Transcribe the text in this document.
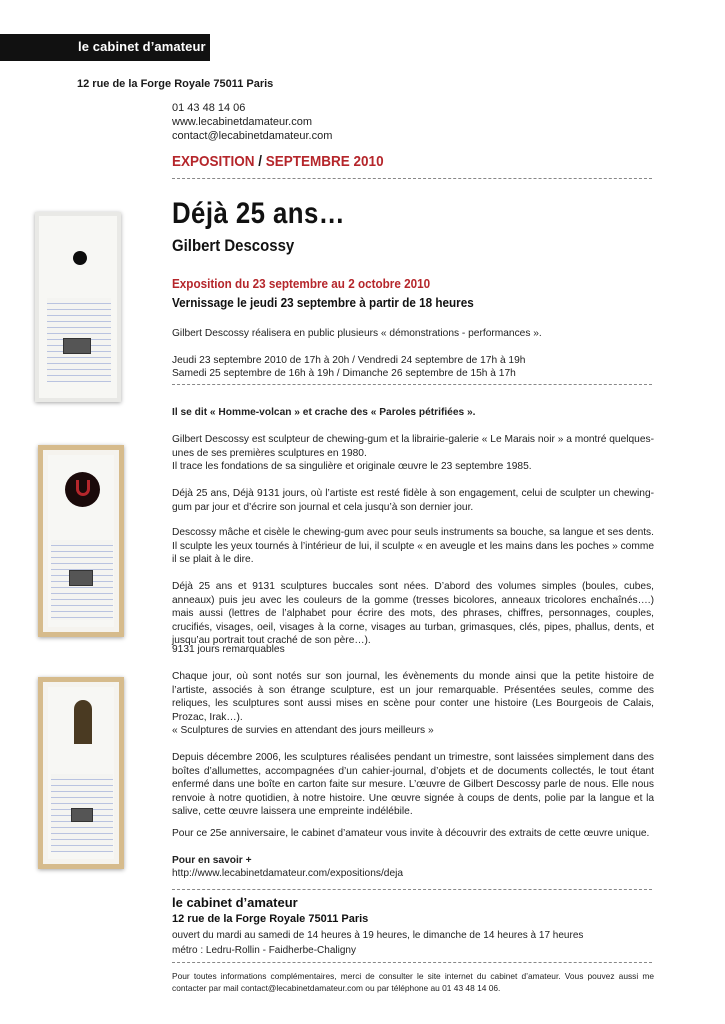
le cabinet d’amateur
12 rue de la Forge Royale 75011 Paris
01 43 48 14 06
www.lecabinetdamateur.com
contact@lecabinetdamateur.com
EXPOSITION / SEPTEMBRE 2010
Déjà 25 ans…
Gilbert Descossy
Exposition du 23 septembre au 2 octobre 2010
Vernissage le jeudi 23 septembre à partir de 18 heures
Gilbert Descossy réalisera en public plusieurs « démonstrations - performances ».
Jeudi 23 septembre 2010 de 17h à 20h / Vendredi 24 septembre de 17h à 19h
Samedi 25 septembre de 16h à 19h / Dimanche 26 septembre de 15h à 17h
Il se dit « Homme-volcan » et crache des « Paroles pétrifiées ».
Gilbert Descossy est sculpteur de chewing-gum et la librairie-galerie « Le Marais noir » a montré quelques-unes de ses premières sculptures en 1980.
Il trace les fondations de sa singulière et originale œuvre le 23 septembre 1985.
Déjà 25 ans, Déjà 9131 jours, où l’artiste est resté fidèle à son engagement, celui de sculpter un chewing-gum par jour et d’écrire son journal et cela jusqu’à son dernier jour.
Descossy mâche et cisèle le chewing-gum avec pour seuls instruments sa bouche, sa langue et ses dents. Il sculpte les yeux tournés à l’intérieur de lui, il sculpte « en aveugle et les mains dans les poches » comme il se plait à le dire.
Déjà 25 ans et 9131 sculptures buccales sont nées. D’abord des volumes simples (boules, cubes, anneaux) puis jeu avec les couleurs de la gomme (tresses bicolores, anneaux tricolores enchaînés….) mais aussi (lettres de l’alphabet pour écrire des mots, des phrases, chiffres, personnages, couples, crucifiés, visages, oeil, visages à la corne, visages au turban, grimasques, clés, pipes, phallus, dents, et jusqu’au portrait tout craché de son père…).
9131 jours remarquables
Chaque jour, où sont notés sur son journal, les évènements du monde ainsi que la petite histoire de l’artiste, associés à son étrange sculpture, est un jour remarquable. Présentées seules, comme des reliques, les sculptures sont aussi mises en scène pour conter une histoire (Les Bourgeois de Calais, Prozac, Irak…).
« Sculptures de survies en attendant des jours meilleurs »
Depuis décembre 2006, les sculptures réalisées pendant un trimestre, sont laissées simplement dans des boîtes d’allumettes, accompagnées d’un cahier-journal, d’objets et de documents collectés, le tout étant enfermé dans une boîte en carton faite sur mesure. L’œuvre de Gilbert Descossy parle de nous. Elle nous renvoie à notre quotidien, à notre histoire. Une œuvre signée à coups de dents, polie par la langue et la salive, cette œuvre laissera une empreinte indélébile.
Pour ce 25e anniversaire, le cabinet d’amateur vous invite à découvrir des extraits de cette œuvre unique.
Pour en savoir +
http://www.lecabinetdamateur.com/expositions/deja
le cabinet d’amateur
12 rue de la Forge Royale 75011 Paris
ouvert du mardi au samedi de 14 heures à 19 heures, le dimanche de 14 heures à 17 heures
métro : Ledru-Rollin - Faidherbe-Chaligny
Pour toutes informations complémentaires, merci de consulter le site internet du cabinet d’amateur. Vous pouvez aussi me contacter par mail contact@lecabinetdamateur.com ou par téléphone au 01 43 48 14 06.
